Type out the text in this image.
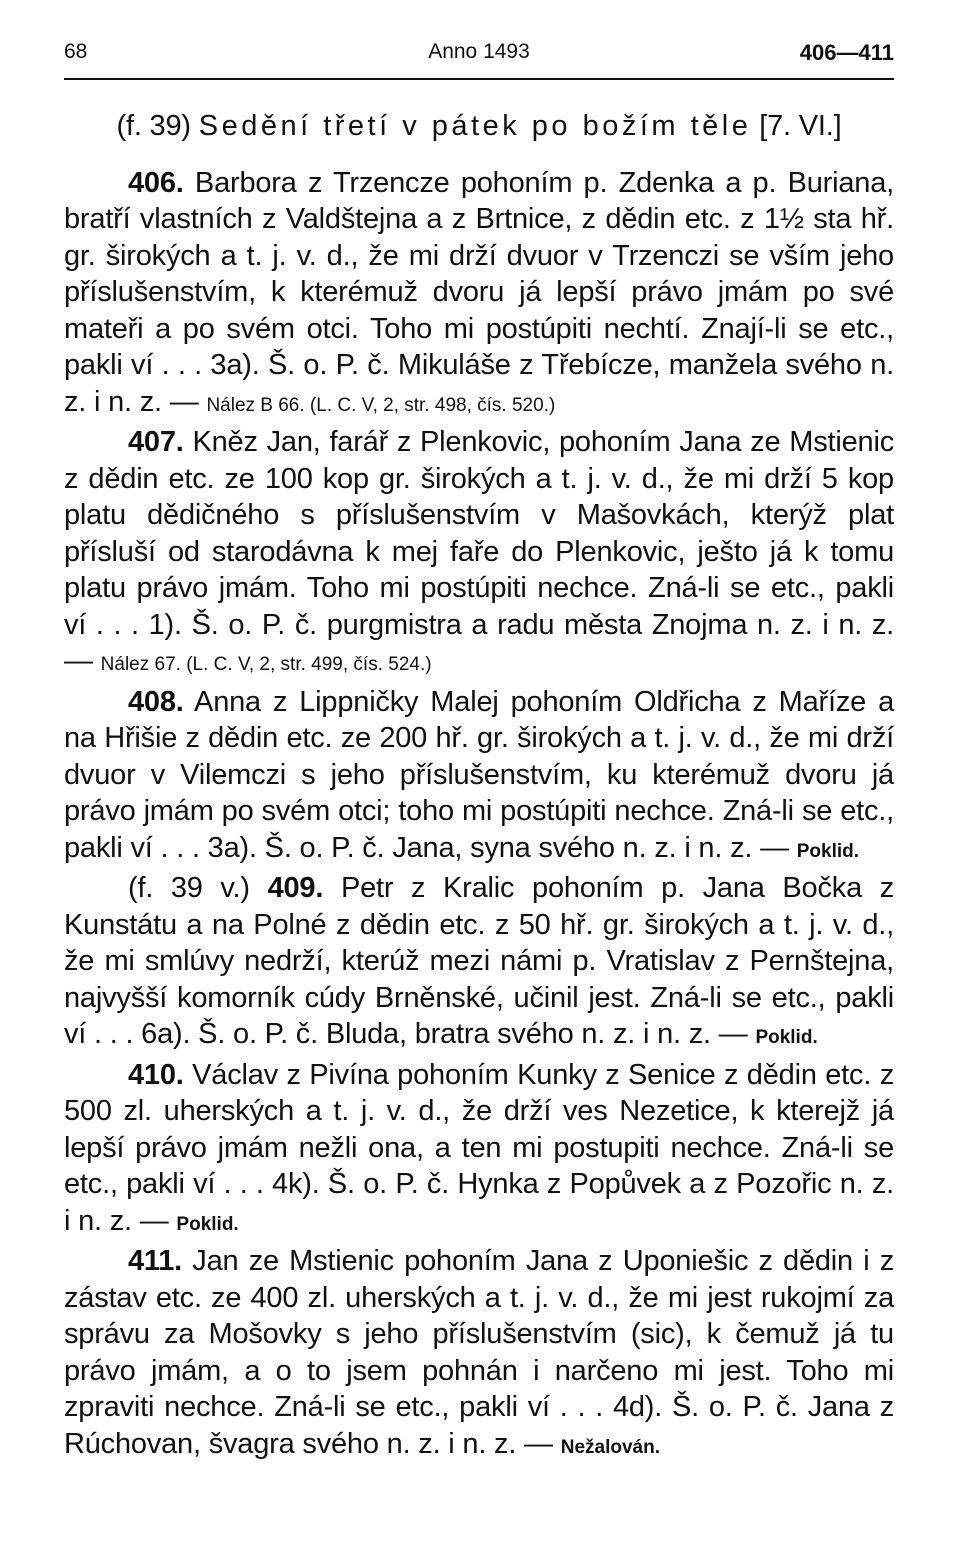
68	Anno 1493	406—411

(f. 39) Sedění třetí v pátek po božím těle [7. VI.]

406. Barbora z Trzencze pohoním p. Zdenka a p. Buriana, bratří vlastních z Valdštejna a z Brtnice, z dědin etc. z 1½ sta hř. gr. širokých a t. j. v. d., že mi drží dvuor v Trzenczi se vším jeho příslušenstvím, k kterémuž dvoru já lepší právo jmám po své mateři a po svém otci. Toho mi postúpiti nechtí. Znají-li se etc., pakli ví . . . 3a). Š. o. P. č. Mikuláše z Třebícze, manžela svého n. z. i n. z. — Nález B 66. (L. C. V, 2, str. 498, čís. 520.)

407. Kněz Jan, farář z Plenkovic, pohoním Jana ze Mstienic z dědin etc. ze 100 kop gr. širokých a t. j. v. d., že mi drží 5 kop platu dědičného s příslušenstvím v Mašovkách, kterýž plat přísluší od starodávna k mej faře do Plenkovic, ješto já k tomu platu právo jmám. Toho mi postúpiti nechce. Zná-li se etc., pakli ví . . . 1). Š. o. P. č. purgmistra a radu města Znojma n. z. i n. z. — Nález 67. (L. C. V, 2, str. 499, čís. 524.)

408. Anna z Lippničky Malej pohoním Oldřicha z Mařízе a na Hřišie z dědin etc. ze 200 hř. gr. širokých a t. j. v. d., že mi drží dvuor v Vilemczi s jeho příslušenstvím, ku kterémuž dvoru já právo jmám po svém otci; toho mi postúpiti nechce. Zná-li se etc., pakli ví . . . 3a). Š. o. P. č. Jana, syna svého n. z. i n. z. — Poklid.

(f. 39 v.) 409. Petr z Kralic pohoním p. Jana Bočka z Kunstátu a na Polné z dědin etc. z 50 hř. gr. širokých a t. j. v. d., že mi smlúvy nedrží, kterúž mezi námi p. Vratislav z Pernštejna, najvyšší komorník cúdy Brněnské, učinil jest. Zná-li se etc., pakli ví . . . 6a). Š. o. P. č. Bluda, bratra svého n. z. i n. z. — Poklid.

410. Václav z Pivína pohoním Kunky z Senice z dědin etc. z 500 zl. uherských a t. j. v. d., že drží ves Nezetice, k kterejž já lepší právo jmám nežli ona, a ten mi postupiti nechce. Zná-li se etc., pakli ví . . . 4k). Š. o. P. č. Hynka z Popůvek a z Pozořic n. z. i n. z. — Poklid.

411. Jan ze Mstienic pohoním Jana z Uponiešic z dědin i z zástav etc. ze 400 zl. uherských a t. j. v. d., že mi jest rukojmí za správu za Mošovky s jeho příslušenstvím (sic), k čemuž já tu právo jmám, a o to jsem pohnán i narčeno mi jest. Toho mi zpraviti nechce. Zná-li se etc., pakli ví . . . 4d). Š. o. P. č. Jana z Rúchovan, švagra svého n. z. i n. z. — Nežalován.
